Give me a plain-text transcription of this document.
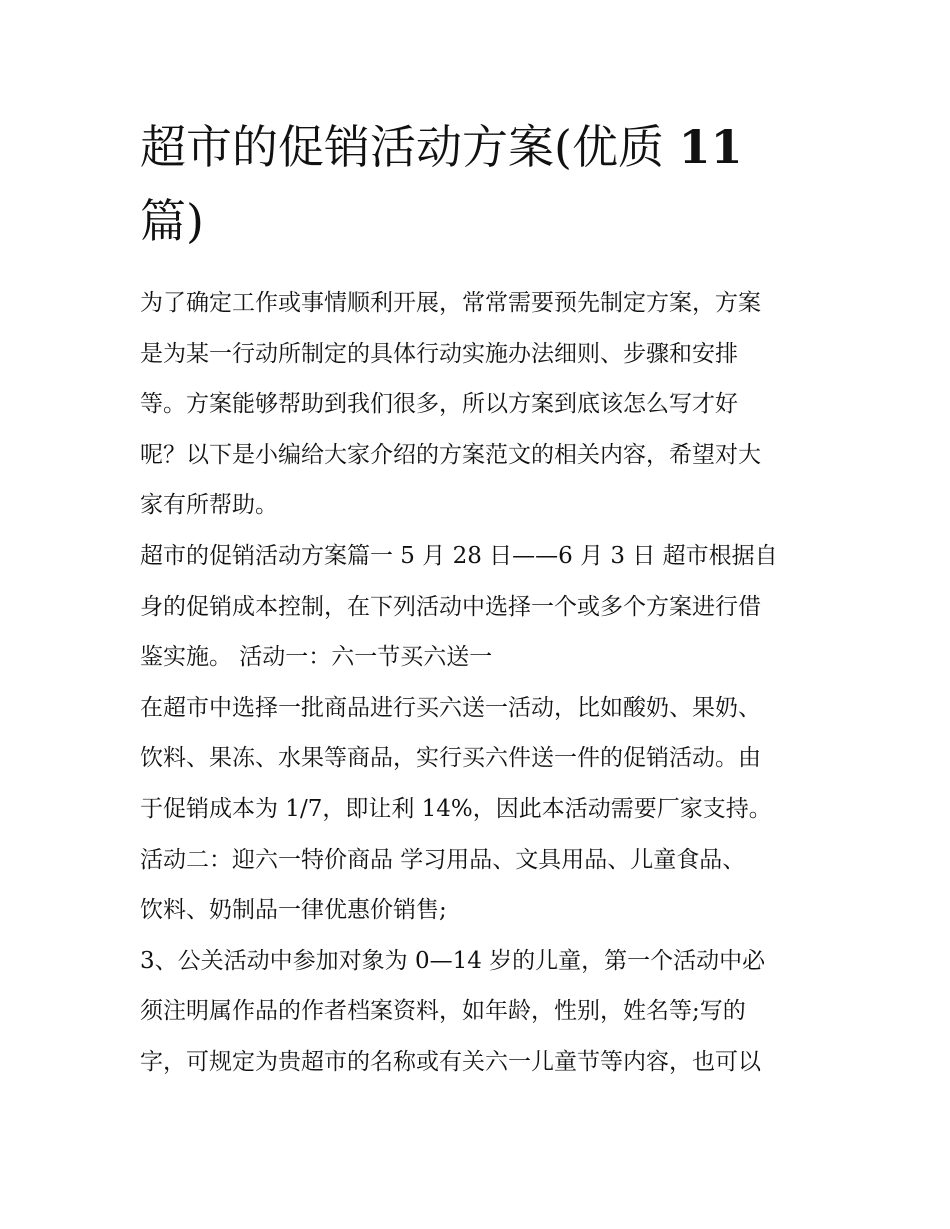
超市的促销活动方案(优质 11
篇)

为了确定工作或事情顺利开展，常常需要预先制定方案，方案
是为某一行动所制定的具体行动实施办法细则、步骤和安排
等。方案能够帮助到我们很多，所以方案到底该怎么写才好
呢？以下是小编给大家介绍的方案范文的相关内容，希望对大
家有所帮助。

超市的促销活动方案篇一 5 月 28 日——6 月 3 日 超市根据自
身的促销成本控制，在下列活动中选择一个或多个方案进行借
鉴实施。 活动一：六一节买六送一

在超市中选择一批商品进行买六送一活动，比如酸奶、果奶、
饮料、果冻、水果等商品，实行买六件送一件的促销活动。由
于促销成本为 1/7，即让利 14%，因此本活动需要厂家支持。

活动二：迎六一特价商品 学习用品、文具用品、儿童食品、
饮料、奶制品一律优惠价销售;

3、公关活动中参加对象为 0—14 岁的儿童，第一个活动中必
须注明属作品的作者档案资料，如年龄，性别，姓名等;写的
字，可规定为贵超市的名称或有关六一儿童节等内容，也可以
